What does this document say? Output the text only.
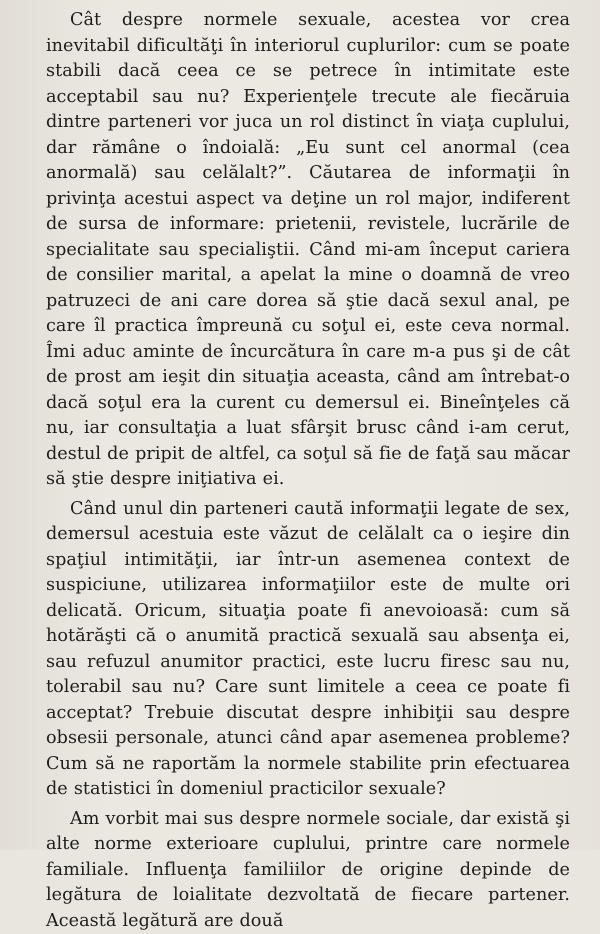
Cât despre normele sexuale, acestea vor crea inevitabil dificultăţi în interiorul cuplurilor: cum se poate stabili dacă ceea ce se petrece în intimitate este acceptabil sau nu? Experienţele trecute ale fiecăruia dintre parteneri vor juca un rol distinct în viaţa cuplului, dar rămâne o îndoială: „Eu sunt cel anormal (cea anormală) sau celălalt?”. Căutarea de informaţii în privinţa acestui aspect va deţine un rol major, indiferent de sursa de informare: prietenii, revistele, lucrările de specialitate sau specialiştii. Când mi-am început cariera de consilier marital, a apelat la mine o doamnă de vreo patruzeci de ani care dorea să ştie dacă sexul anal, pe care îl practica împreună cu soţul ei, este ceva normal. Îmi aduc aminte de încurcătura în care m-a pus şi de cât de prost am ieşit din situaţia aceasta, când am întrebat-o dacă soţul era la curent cu demersul ei. Bineînţeles că nu, iar consultaţia a luat sfârşit brusc când i-am cerut, destul de pripit de altfel, ca soţul să fie de faţă sau măcar să ştie despre iniţiativa ei.

Când unul din parteneri caută informaţii legate de sex, demersul acestuia este văzut de celălalt ca o ieşire din spaţiul intimităţii, iar într-un asemenea context de suspiciune, utilizarea informaţiilor este de multe ori delicată. Oricum, situaţia poate fi anevoioasă: cum să hotărăşti că o anumită practică sexuală sau absenţa ei, sau refuzul anumitor practici, este lucru firesc sau nu, tolerabil sau nu? Care sunt limitele a ceea ce poate fi acceptat? Trebuie discutat despre inhibiţii sau despre obsesii personale, atunci când apar asemenea probleme? Cum să ne raportăm la normele stabilite prin efectuarea de statistici în domeniul practicilor sexuale?

Am vorbit mai sus despre normele sociale, dar există şi alte norme exterioare cuplului, printre care normele familiale. Influenţa familiilor de origine depinde de legătura de loialitate dezvoltată de fiecare partener. Această legătură are două
